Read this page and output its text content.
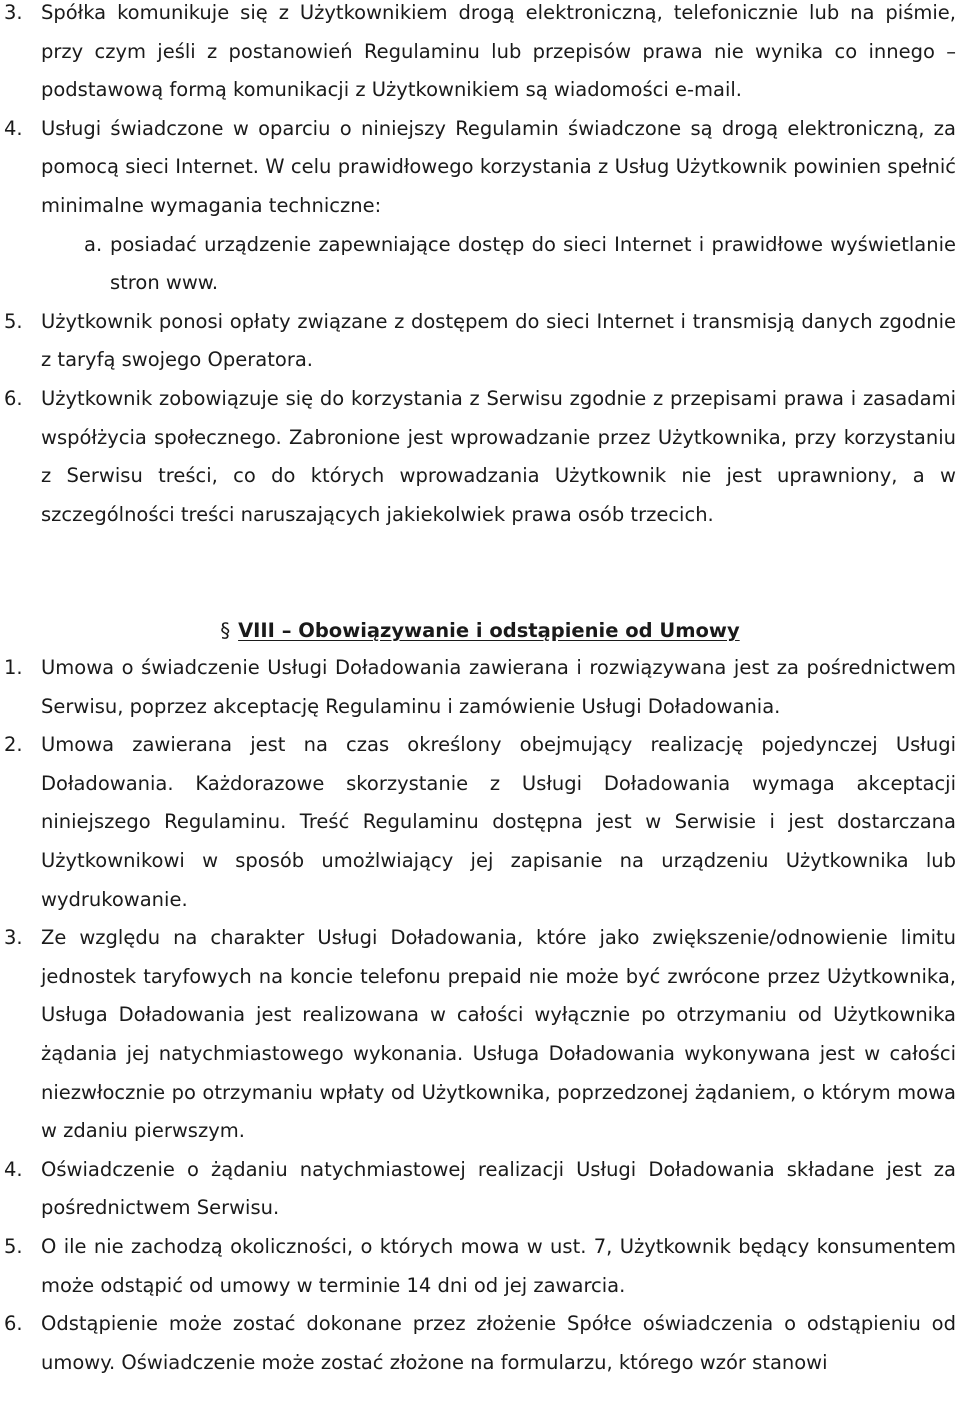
3. Spółka komunikuje się z Użytkownikiem drogą elektroniczną, telefonicznie lub na piśmie, przy czym jeśli z postanowień Regulaminu lub przepisów prawa nie wynika co innego – podstawową formą komunikacji z Użytkownikiem są wiadomości e-mail.
4. Usługi świadczone w oparciu o niniejszy Regulamin świadczone są drogą elektroniczną, za pomocą sieci Internet. W celu prawidłowego korzystania z Usług Użytkownik powinien spełnić minimalne wymagania techniczne:
a. posiadać urządzenie zapewniające dostęp do sieci Internet i prawidłowe wyświetlanie stron www.
5. Użytkownik ponosi opłaty związane z dostępem do sieci Internet i transmisją danych zgodnie z taryfą swojego Operatora.
6. Użytkownik zobowiązuje się do korzystania z Serwisu zgodnie z przepisami prawa i zasadami współżycia społecznego. Zabronione jest wprowadzanie przez Użytkownika, przy korzystaniu z Serwisu treści, co do których wprowadzania Użytkownik nie jest uprawniony, a w szczególności treści naruszających jakiekolwiek prawa osób trzecich.
§ VIII – Obowiązywanie i odstąpienie od Umowy
1. Umowa o świadczenie Usługi Doładowania zawierana i rozwiązywana jest za pośrednictwem Serwisu, poprzez akceptację Regulaminu i zamówienie Usługi Doładowania.
2. Umowa zawierana jest na czas określony obejmujący realizację pojedynczej Usługi Doładowania. Każdorazowe skorzystanie z Usługi Doładowania wymaga akceptacji niniejszego Regulaminu. Treść Regulaminu dostępna jest w Serwisie i jest dostarczana Użytkownikowi w sposób umożlwiający jej zapisanie na urządzeniu Użytkownika lub wydrukowanie.
3. Ze względu na charakter Usługi Doładowania, które jako zwiększenie/odnowienie limitu jednostek taryfowych na koncie telefonu prepaid nie może być zwrócone przez Użytkownika, Usługa Doładowania jest realizowana w całości wyłącznie po otrzymaniu od Użytkownika żądania jej natychmiastowego wykonania. Usługa Doładowania wykonywana jest w całości niezwłocznie po otrzymaniu wpłaty od Użytkownika, poprzedzonej żądaniem, o którym mowa w zdaniu pierwszym.
4. Oświadczenie o żądaniu natychmiastowej realizacji Usługi Doładowania składane jest za pośrednictwem Serwisu.
5. O ile nie zachodzą okoliczności, o których mowa w ust. 7, Użytkownik będący konsumentem może odstąpić od umowy w terminie 14 dni od jej zawarcia.
6. Odstąpienie może zostać dokonane przez złożenie Spółce oświadczenia o odstąpieniu od umowy. Oświadczenie może zostać złożone na formularzu, którego wzór stanowi
